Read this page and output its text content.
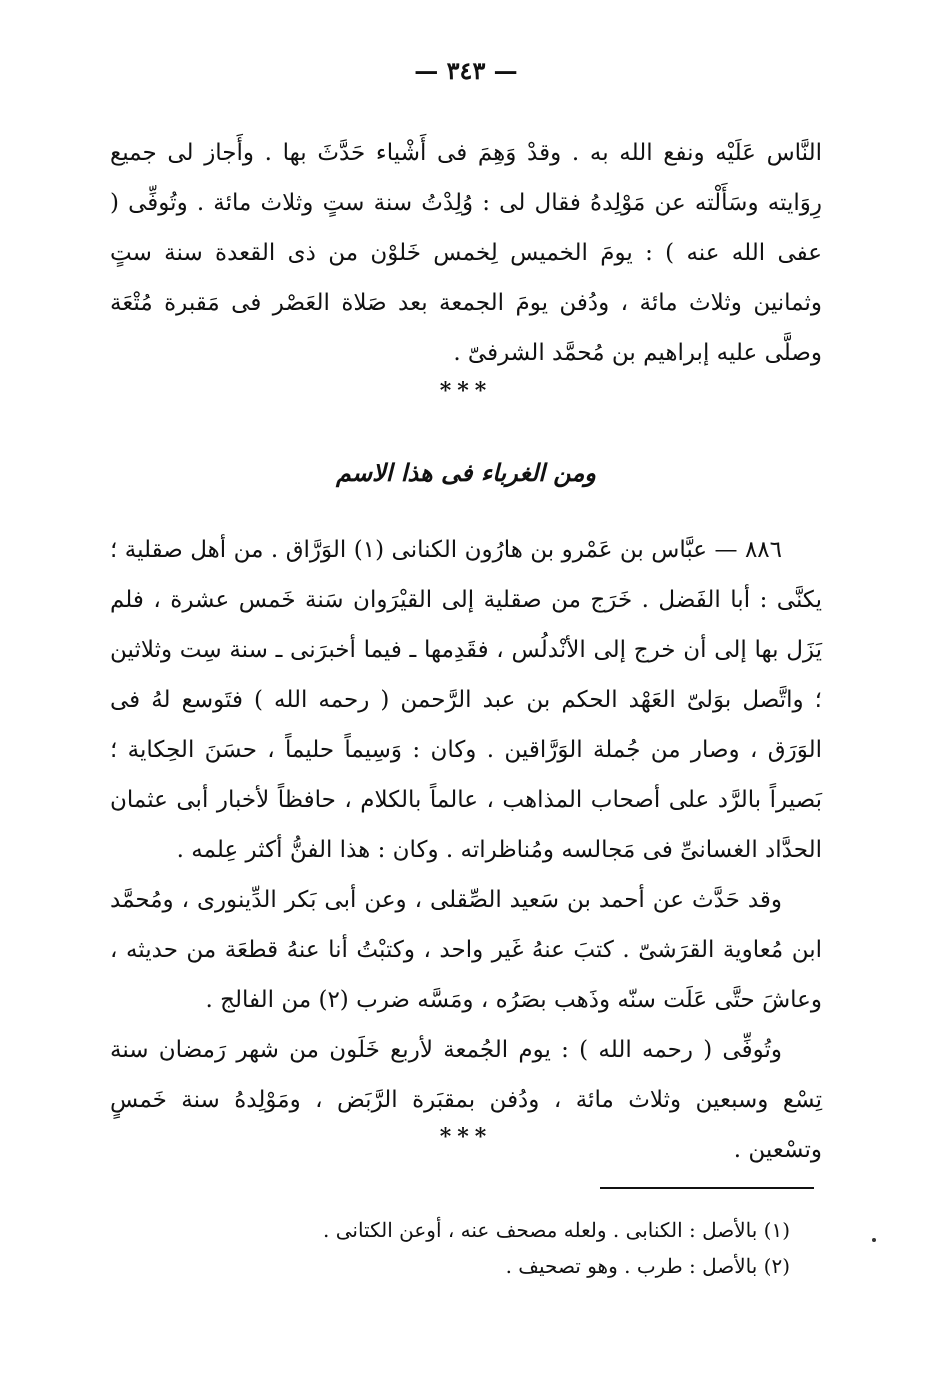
— ٣٤٣ —

النَّاس عَلَيْه ونفع الله به . وقدْ وَهِمَ فى أَشْياء حَدَّثَ بها . وأَجاز لى جميع رِوَايته وسَأَلْته عن مَوْلِدهُ فقال لى : وُلِدْتُ سنة ستٍ وثلاث مائة . وتُوفِّى ( عفى الله عنه ) : يومَ الخميس لِخمس خَلوْن من ذى القعدة سنة ستٍ وثمانين وثلاث مائة ، ودُفن يومَ الجمعة بعد صَلاة العَصْر فى مَقبرة مُتْعَة وصلَّى عليه إبراهيم بن مُحمَّد الشرفىّ .

***
ومن الغرباء فى هذا الاسم

٨٨٦ — عبَّاس بن عَمْرو بن هارُون الكنانى (١) الوَرَّاق . من أهل صقلية ؛ يكنَّى : أبا الفَضل . خَرَج من صقلية إلى القيْرَوان سَنة خَمس عشرة ، فلم يَزَل بها إلى أن خرج إلى الأنْدلُس ، فقَدِمها ـ فيما أخبرَنى ـ سنة سِت وثلاثين ؛ واتَّصل بوَلىّ العَهْد الحكم بن عبد الرَّحمن ( رحمه الله ) فتَوسع لهُ فى الوَرَق ، وصار من جُملة الوَرَّاقين . وكان : وَسِيماً حليماً ، حسَنَ الحِكاية ؛ بَصيراً بالرَّد على أصحاب المذاهب ، عالماً بالكلام ، حافظاً لأخبار أبى عثمان الحدَّاد الغسانىِّ فى مَجالسه ومُناظراته . وكان : هذا الفنُّ أكثر عِلمه .

وقد حَدَّث عن أحمد بن سَعيد الصِّقلى ، وعن أبى بَكر الدِّينورى ، ومُحمَّد ابن مُعاوية القرَشىّ . كتبَ عنهُ غَير واحد ، وكتبْتُ أنا عنهُ قطعَة من حديثه ، وعاشَ حتَّى عَلَت سنّه وذَهب بصَرُه ، ومَسَّه ضرب (٢) من الفالج .

وتُوفِّى ( رحمه الله ) : يوم الجُمعة لأربع خَلَون من شهر رَمضان سنة تِسْع وسبعين وثلاث مائة ، ودُفن بمقبَرة الرَّبَض ، ومَوْلِدهُ سنة خَمسٍ وتسْعين .

***

(١) بالأصل : الكنابى . ولعله مصحف عنه ، أوعن الكتانى .

(٢) بالأصل : طرب . وهو تصحيف .
